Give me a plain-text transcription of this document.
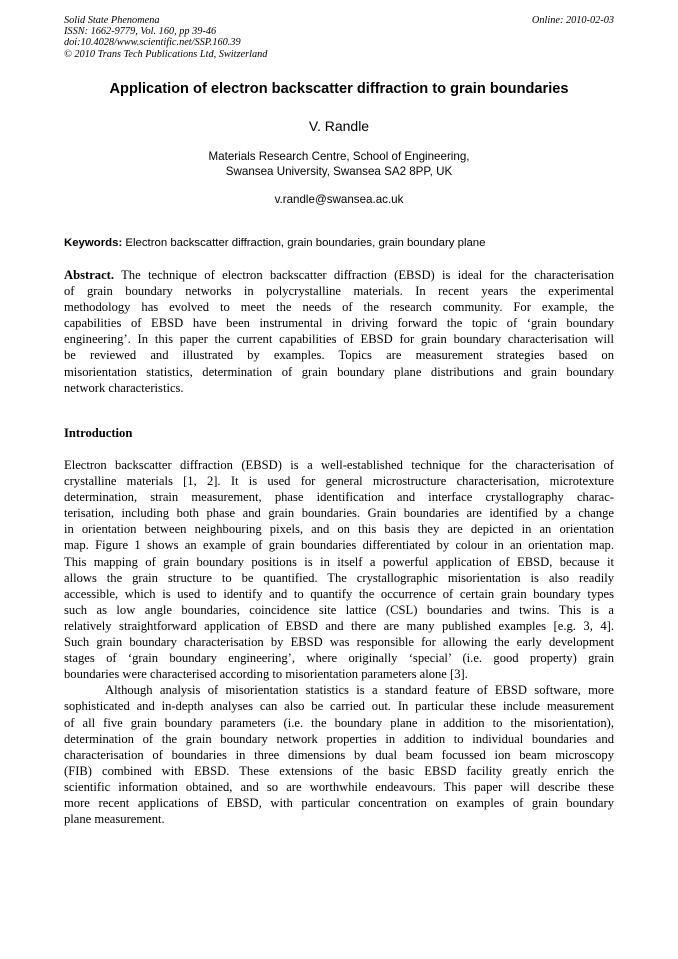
Solid State Phenomena
ISSN: 1662-9779, Vol. 160, pp 39-46
doi:10.4028/www.scientific.net/SSP.160.39
© 2010 Trans Tech Publications Ltd, Switzerland
Online: 2010-02-03
Application of electron backscatter diffraction to grain boundaries
V. Randle
Materials Research Centre, School of Engineering,
Swansea University, Swansea SA2 8PP, UK
v.randle@swansea.ac.uk
Keywords: Electron backscatter diffraction, grain boundaries, grain boundary plane
Abstract. The technique of electron backscatter diffraction (EBSD) is ideal for the characterisation
of grain boundary networks in polycrystalline materials. In recent years the experimental
methodology has evolved to meet the needs of the research community. For example, the
capabilities of EBSD have been instrumental in driving forward the topic of ‘grain boundary
engineering’. In this paper the current capabilities of EBSD for grain boundary characterisation will
be reviewed and illustrated by examples. Topics are measurement strategies based on
misorientation statistics, determination of grain boundary plane distributions and grain boundary
network characteristics.
Introduction
Electron backscatter diffraction (EBSD) is a well-established technique for the characterisation of
crystalline materials [1, 2]. It is used for general microstructure characterisation, microtexture
determination, strain measurement, phase identification and interface crystallography charac-
terisation, including both phase and grain boundaries. Grain boundaries are identified by a change
in orientation between neighbouring pixels, and on this basis they are depicted in an orientation
map. Figure 1 shows an example of grain boundaries differentiated by colour in an orientation map.
This mapping of grain boundary positions is in itself a powerful application of EBSD, because it
allows the grain structure to be quantified. The crystallographic misorientation is also readily
accessible, which is used to identify and to quantify the occurrence of certain grain boundary types
such as low angle boundaries, coincidence site lattice (CSL) boundaries and twins. This is a
relatively straightforward application of EBSD and there are many published examples [e.g. 3, 4].
Such grain boundary characterisation by EBSD was responsible for allowing the early development
stages of ‘grain boundary engineering’, where originally ‘special’ (i.e. good property) grain
boundaries were characterised according to misorientation parameters alone [3].
Although analysis of misorientation statistics is a standard feature of EBSD software, more
sophisticated and in-depth analyses can also be carried out. In particular these include measurement
of all five grain boundary parameters (i.e. the boundary plane in addition to the misorientation),
determination of the grain boundary network properties in addition to individual boundaries and
characterisation of boundaries in three dimensions by dual beam focussed ion beam microscopy
(FIB) combined with EBSD. These extensions of the basic EBSD facility greatly enrich the
scientific information obtained, and so are worthwhile endeavours. This paper will describe these
more recent applications of EBSD, with particular concentration on examples of grain boundary
plane measurement.
